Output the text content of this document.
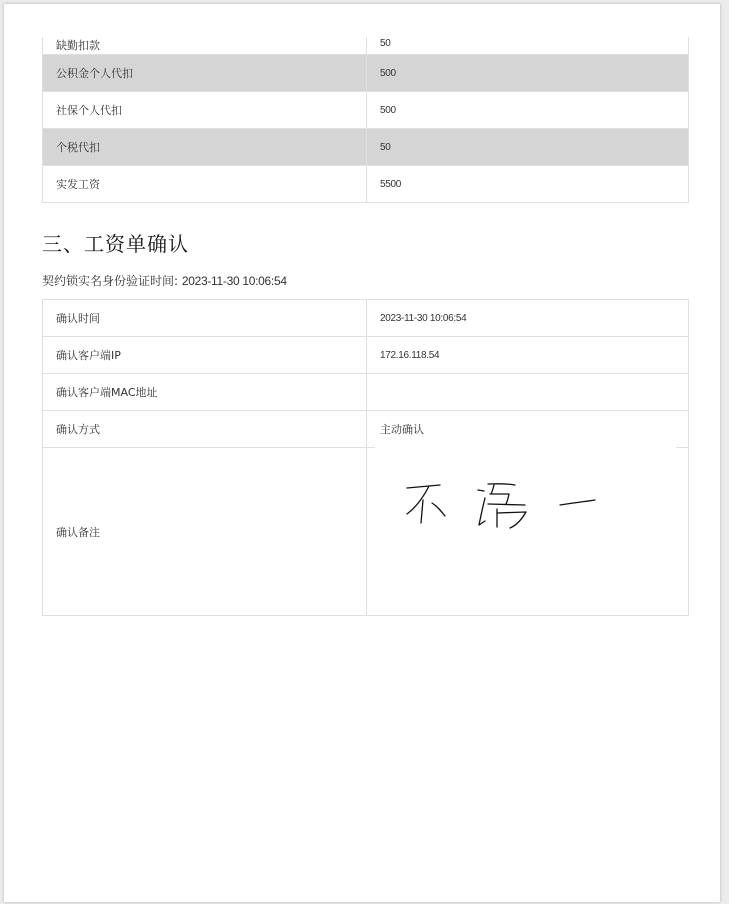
缺勤扣款	50
公积金个人代扣	500
社保个人代扣	500
个税代扣	50
实发工资	5500
三、工资单确认
契约锁实名身份验证时间: 2023-11-30 10:06:54
确认时间	2023-11-30 10:06:54
确认客户端IP	172.16.118.54
确认客户端MAC地址	
确认方式	主动确认
确认备注	
